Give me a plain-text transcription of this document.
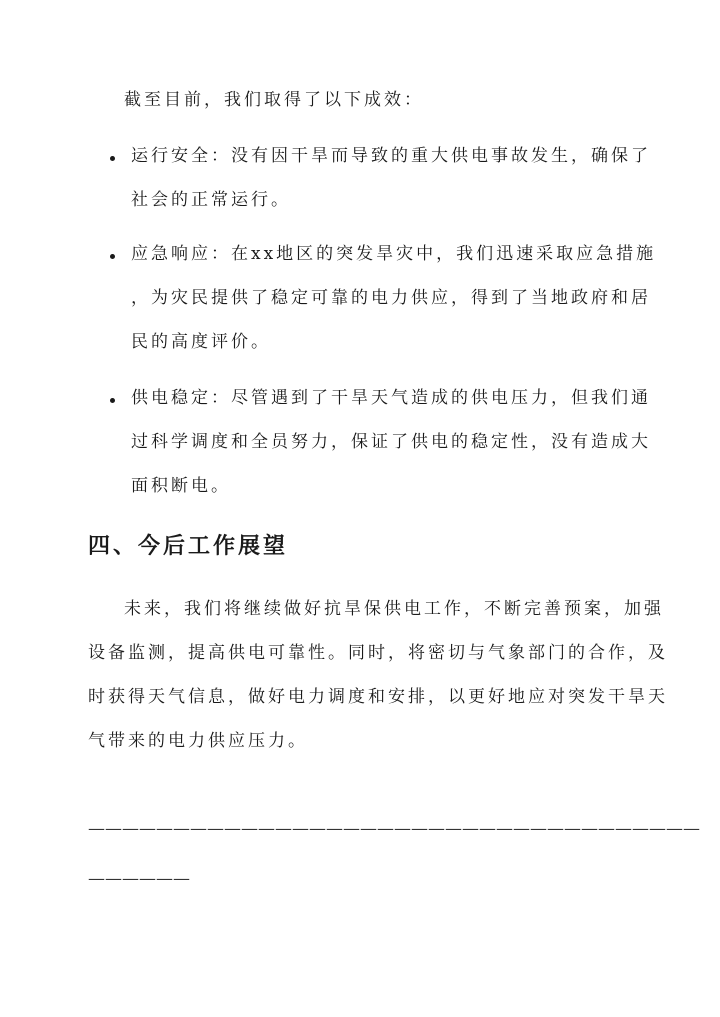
截至目前，我们取得了以下成效：
运行安全：没有因干旱而导致的重大供电事故发生，确保了
社会的正常运行。
应急响应：在xx地区的突发旱灾中，我们迅速采取应急措施
，为灾民提供了稳定可靠的电力供应，得到了当地政府和居
民的高度评价。
供电稳定：尽管遇到了干旱天气造成的供电压力，但我们通
过科学调度和全员努力，保证了供电的稳定性，没有造成大
面积断电。
四、今后工作展望
未来，我们将继续做好抗旱保供电工作，不断完善预案，加强
设备监测，提高供电可靠性。同时，将密切与气象部门的合作，及
时获得天气信息，做好电力调度和安排，以更好地应对突发干旱天
气带来的电力供应压力。
————————————————————————————————————
——————
